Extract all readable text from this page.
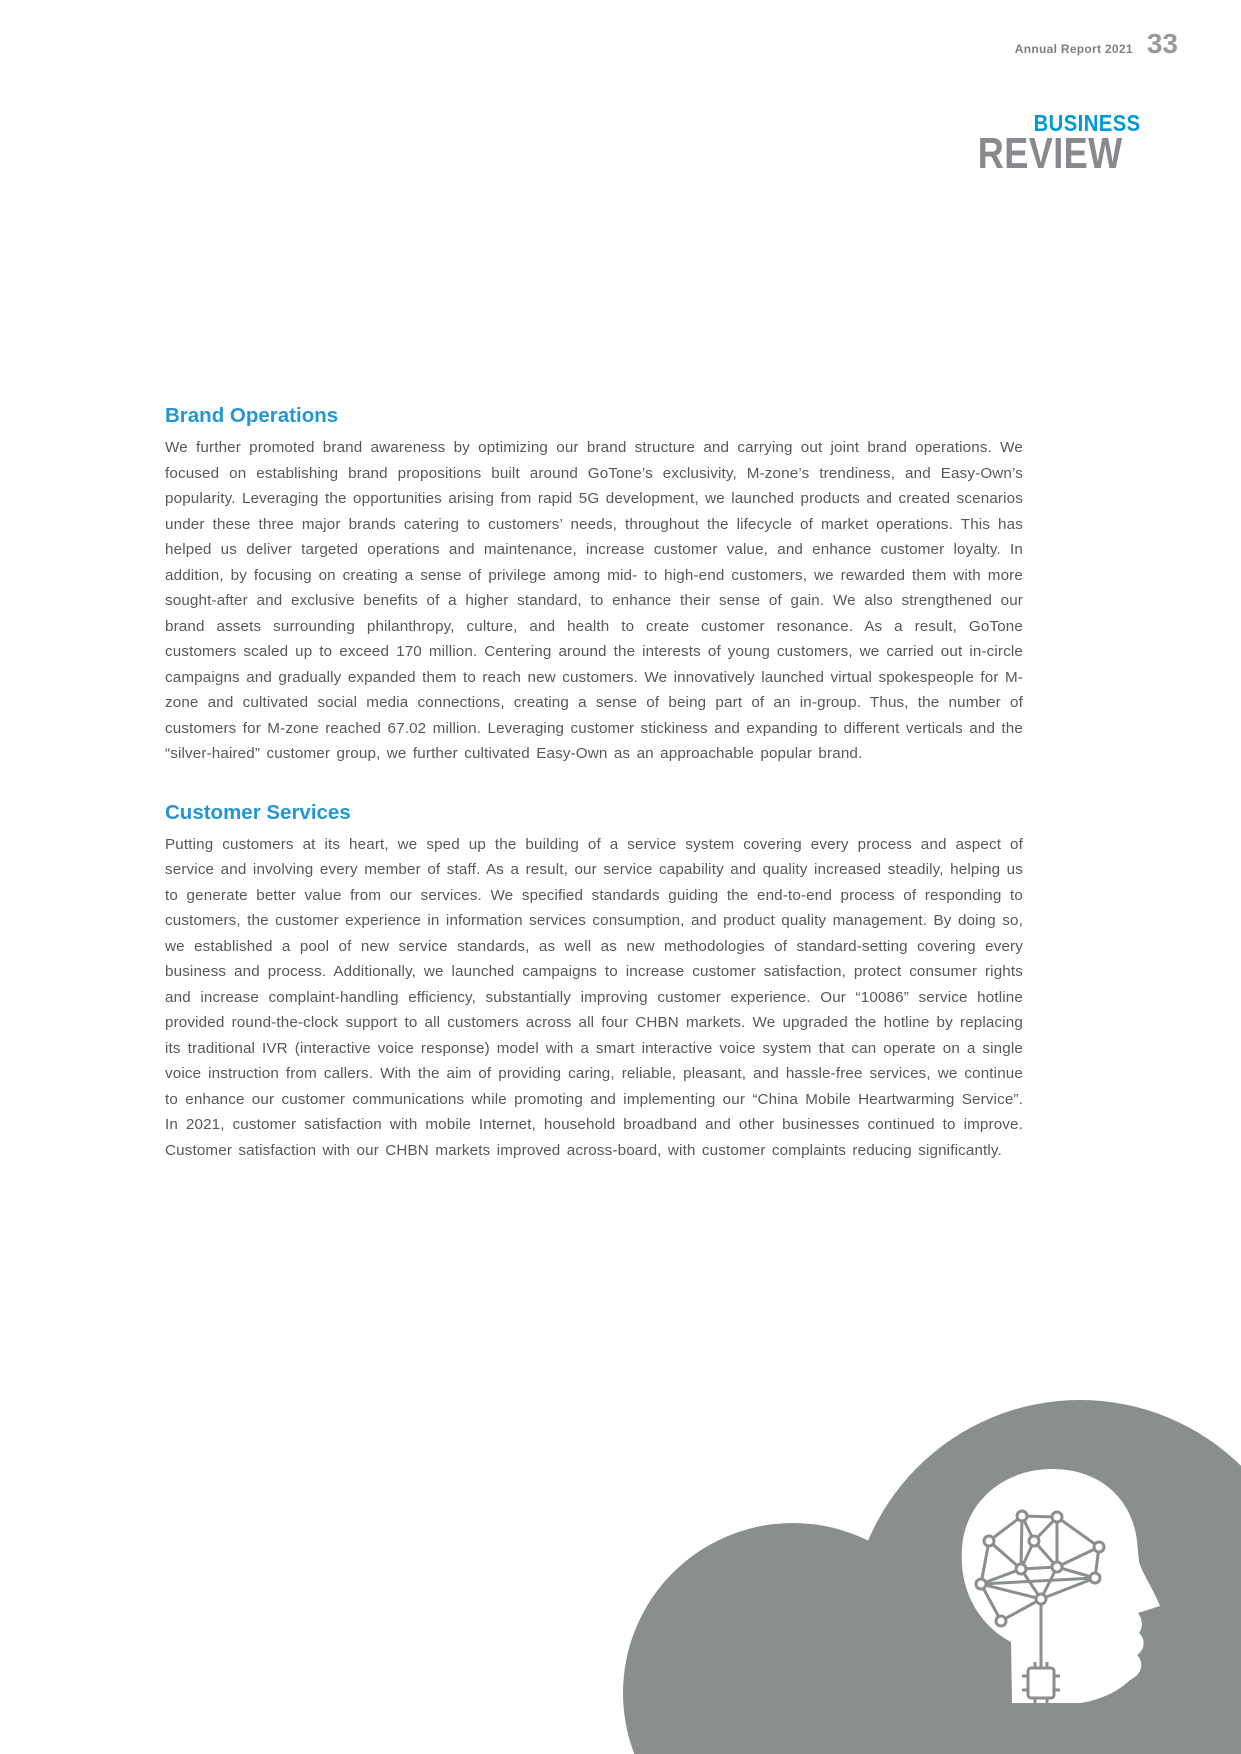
Annual Report 2021 33
BUSINESS
REVIEW
Brand Operations

We further promoted brand awareness by optimizing our brand structure and carrying out joint brand operations. We focused on establishing brand propositions built around GoTone’s exclusivity, M-zone’s trendiness, and Easy-Own’s popularity. Leveraging the opportunities arising from rapid 5G development, we launched products and created scenarios under these three major brands catering to customers’ needs, throughout the lifecycle of market operations. This has helped us deliver targeted operations and maintenance, increase customer value, and enhance customer loyalty. In addition, by focusing on creating a sense of privilege among mid- to high-end customers, we rewarded them with more sought-after and exclusive benefits of a higher standard, to enhance their sense of gain. We also strengthened our brand assets surrounding philanthropy, culture, and health to create customer resonance. As a result, GoTone customers scaled up to exceed 170 million. Centering around the interests of young customers, we carried out in-circle campaigns and gradually expanded them to reach new customers. We innovatively launched virtual spokespeople for M-zone and cultivated social media connections, creating a sense of being part of an in-group. Thus, the number of customers for M-zone reached 67.02 million. Leveraging customer stickiness and expanding to different verticals and the “silver-haired” customer group, we further cultivated Easy-Own as an approachable popular brand.

Customer Services

Putting customers at its heart, we sped up the building of a service system covering every process and aspect of service and involving every member of staff. As a result, our service capability and quality increased steadily, helping us to generate better value from our services. We specified standards guiding the end-to-end process of responding to customers, the customer experience in information services consumption, and product quality management. By doing so, we established a pool of new service standards, as well as new methodologies of standard-setting covering every business and process. Additionally, we launched campaigns to increase customer satisfaction, protect consumer rights and increase complaint-handling efficiency, substantially improving customer experience. Our “10086” service hotline provided round-the-clock support to all customers across all four CHBN markets. We upgraded the hotline by replacing its traditional IVR (interactive voice response) model with a smart interactive voice system that can operate on a single voice instruction from callers. With the aim of providing caring, reliable, pleasant, and hassle-free services, we continue to enhance our customer communications while promoting and implementing our “China Mobile Heartwarming Service”. In 2021, customer satisfaction with mobile Internet, household broadband and other businesses continued to improve. Customer satisfaction with our CHBN markets improved across-board, with customer complaints reducing significantly.
